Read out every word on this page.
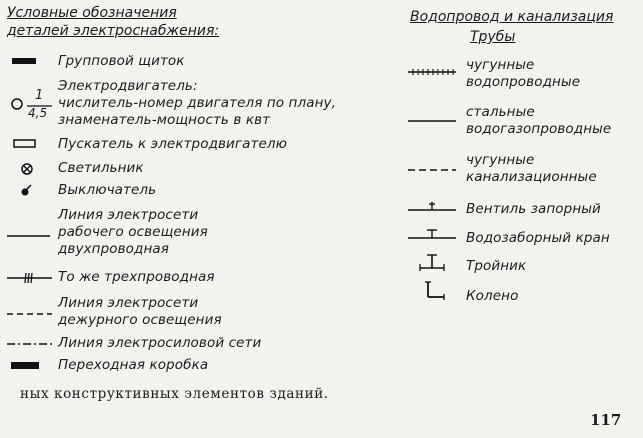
Условные обозначения
деталей электроснабжения:
Водопровод и канализация
Трубы
Групповой щиток
1
4,5
Электродвигатель:
числитель-номер двигателя по плану,
знаменатель-мощность в квт
Пускатель к электродвигателю
Светильник
Выключатель
Линия электросети
рабочего освещения
двухпроводная
То же трехпроводная
Линия электросети
дежурного освещения
Линия электросиловой сети
Переходная коробка
чугунные
водопроводные
стальные
водогазопроводные
чугунные
канализационные
Вентиль запорный
Водозаборный кран
Тройник
Колено
ных конструктивных элементов зданий.
117
